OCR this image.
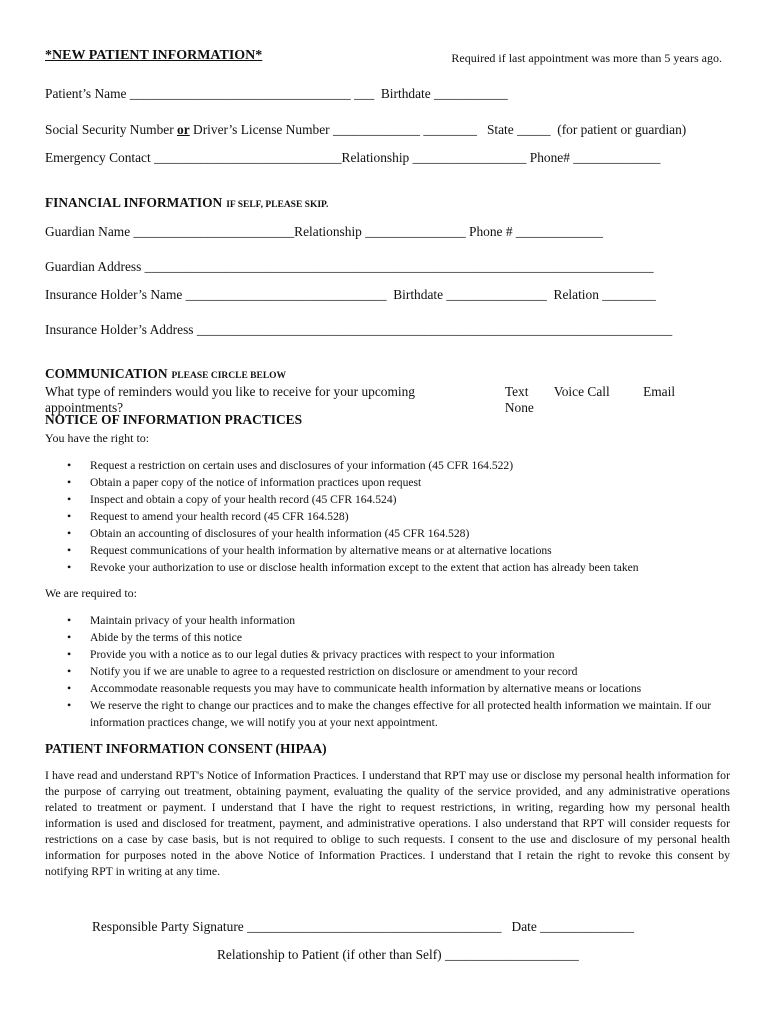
*NEW PATIENT INFORMATION*	Required if last appointment was more than 5 years ago.
Patient’s Name _________________________________ ___  Birthdate ___________
Social Security Number or Driver’s License Number _____________ ________   State _____  (for patient or guardian)
Emergency Contact ____________________________Relationship _________________ Phone# _____________
FINANCIAL INFORMATION IF SELF, PLEASE SKIP.
Guardian Name ________________________Relationship _______________ Phone # _____________
Guardian Address ____________________________________________________________________________
Insurance Holder’s Name ______________________________  Birthdate _______________  Relation ________
Insurance Holder’s Address _______________________________________________________________________
COMMUNICATION PLEASE CIRCLE BELOW
What type of reminders would you like to receive for your upcoming appointments?
Text Voice Call Email None
NOTICE OF INFORMATION PRACTICES
You have the right to:
• Request a restriction on certain uses and disclosures of your information (45 CFR 164.522)
• Obtain a paper copy of the notice of information practices upon request
• Inspect and obtain a copy of your health record (45 CFR 164.524)
• Request to amend your health record (45 CFR 164.528)
• Obtain an accounting of disclosures of your health information (45 CFR 164.528)
• Request communications of your health information by alternative means or at alternative locations
• Revoke your authorization to use or disclose health information except to the extent that action has already been taken
We are required to:
• Maintain privacy of your health information
• Abide by the terms of this notice
• Provide you with a notice as to our legal duties & privacy practices with respect to your information
• Notify you if we are unable to agree to a requested restriction on disclosure or amendment to your record
• Accommodate reasonable requests you may have to communicate health information by alternative means or locations
• We reserve the right to change our practices and to make the changes effective for all protected health information we maintain. If our information practices change, we will notify you at your next appointment.
PATIENT INFORMATION CONSENT (HIPAA)
I have read and understand RPT's Notice of Information Practices. I understand that RPT may use or disclose my personal health information for the purpose of carrying out treatment, obtaining payment, evaluating the quality of the service provided, and any administrative operations related to treatment or payment. I understand that I have the right to request restrictions, in writing, regarding how my personal health information is used and disclosed for treatment, payment, and administrative operations. I also understand that RPT will consider requests for restrictions on a case by case basis, but is not required to oblige to such requests. I consent to the use and disclosure of my personal health information for purposes noted in the above Notice of Information Practices. I understand that I retain the right to revoke this consent by notifying RPT in writing at any time.
Responsible Party Signature ______________________________________   Date ______________
Relationship to Patient (if other than Self) ____________________
